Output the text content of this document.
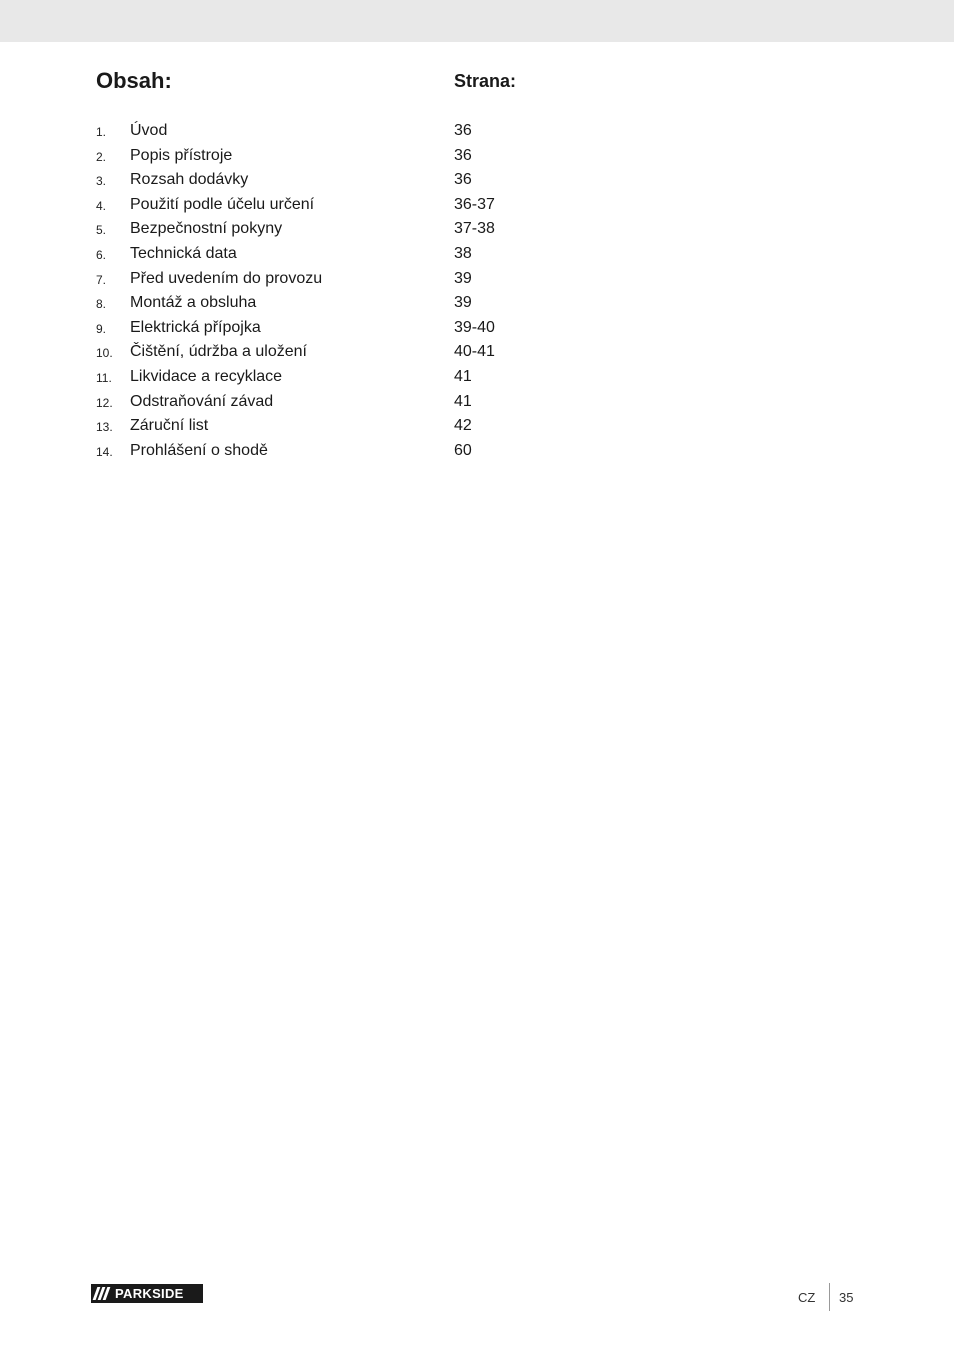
Obsah:	Strana:
1. Úvod	36
2. Popis přístroje	36
3. Rozsah dodávky	36
4. Použití podle účelu určení	36-37
5. Bezpečnostní pokyny	37-38
6. Technická data	38
7. Před uvedením do provozu	39
8. Montáž a obsluha	39
9. Elektrická přípojka	39-40
10. Čištění, údržba a uložení	40-41
11. Likvidace a recyklace	41
12. Odstraňování závad	41
13. Záruční list	42
14. Prohlášení o shodě	60
PARKSIDE	CZ 35
